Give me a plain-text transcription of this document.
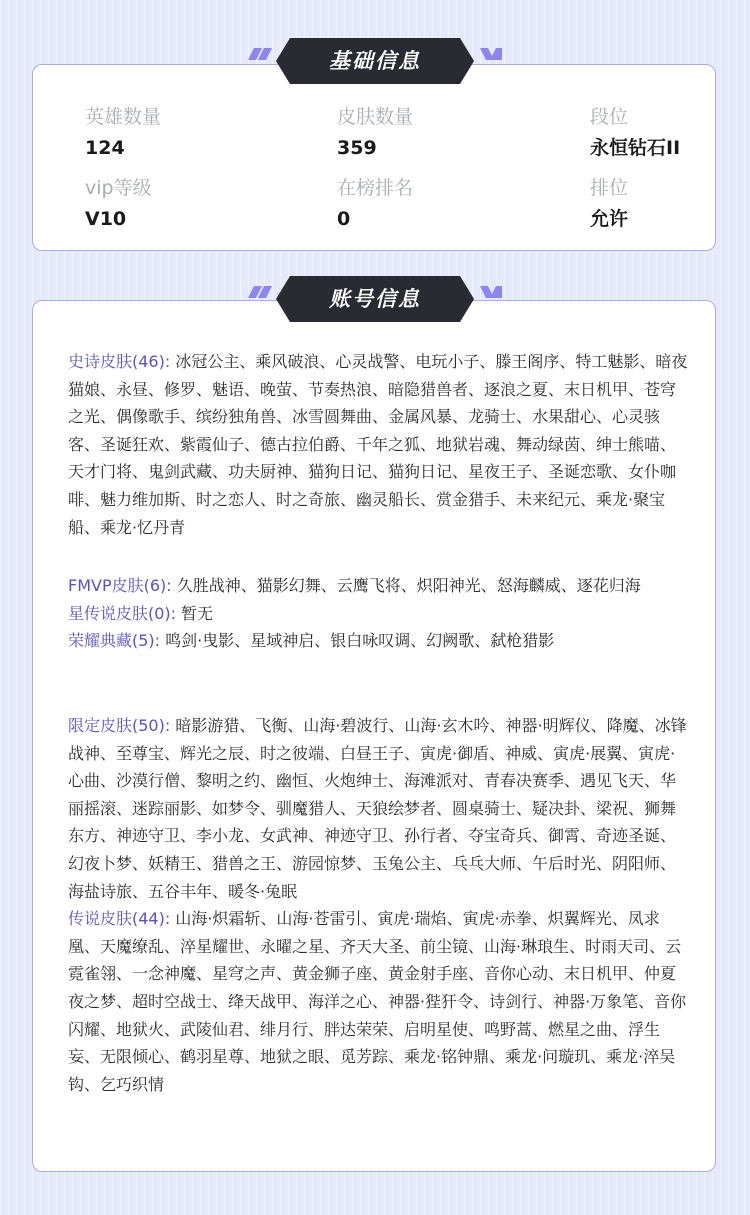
英雄数量
124
皮肤数量
359
段位
永恒钻石II
vip等级
V10
在榜排名
0
排位
允许
基础信息
账号信息

史诗皮肤(46): 冰冠公主、乘风破浪、心灵战警、电玩小子、滕王阁序、特工魅影、暗夜猫娘、永昼、修罗、魅语、晚萤、节奏热浪、暗隐猎兽者、逐浪之夏、末日机甲、苍穹之光、偶像歌手、缤纷独角兽、冰雪圆舞曲、金属风暴、龙骑士、水果甜心、心灵骇客、圣诞狂欢、紫霞仙子、德古拉伯爵、千年之狐、地狱岩魂、舞动绿茵、绅士熊喵、天才门将、鬼剑武藏、功夫厨神、猫狗日记、猫狗日记、星夜王子、圣诞恋歌、女仆咖啡、魅力维加斯、时之恋人、时之奇旅、幽灵船长、赏金猎手、未来纪元、乘龙·聚宝船、乘龙·忆丹青

FMVP皮肤(6): 久胜战神、猫影幻舞、云鹰飞将、炽阳神光、怒海麟威、逐花归海

星传说皮肤(0): 暂无

荣耀典藏(5): 鸣剑·曳影、星域神启、银白咏叹调、幻阙歌、弑枪猎影

限定皮肤(50): 暗影游猎、飞衡、山海·碧波行、山海·玄木吟、神器·明辉仪、降魔、冰锋战神、至尊宝、辉光之辰、时之彼端、白昼王子、寅虎·御盾、神威、寅虎·展翼、寅虎·心曲、沙漠行僧、黎明之约、幽恒、火炮绅士、海滩派对、青春决赛季、遇见飞天、华丽摇滚、迷踪丽影、如梦令、驯魔猎人、天狼绘梦者、圆桌骑士、疑决卦、梁祝、狮舞东方、神迹守卫、李小龙、女武神、神迹守卫、孙行者、夺宝奇兵、御霄、奇迹圣诞、幻夜卜梦、妖精王、猎兽之王、游园惊梦、玉兔公主、乓乓大师、午后时光、阴阳师、海盐诗旅、五谷丰年、暖冬·兔眠

传说皮肤(44): 山海·炽霜斩、山海·苍雷引、寅虎·瑞焰、寅虎·赤拳、炽翼辉光、凤求凰、天魔缭乱、淬星耀世、永曜之星、齐天大圣、前尘镜、山海·琳琅生、时雨天司、云霓雀翎、一念神魔、星穹之声、黄金狮子座、黄金射手座、音你心动、末日机甲、仲夏夜之梦、超时空战士、绛天战甲、海洋之心、神器·狴犴令、诗剑行、神器·万象笔、音你闪耀、地狱火、武陵仙君、绯月行、胖达荣荣、启明星使、鸣野蒿、燃星之曲、浮生妄、无限倾心、鹤羽星尊、地狱之眼、觅芳踪、乘龙·铭钟鼎、乘龙·问璇玑、乘龙·淬吴钩、乞巧织情
